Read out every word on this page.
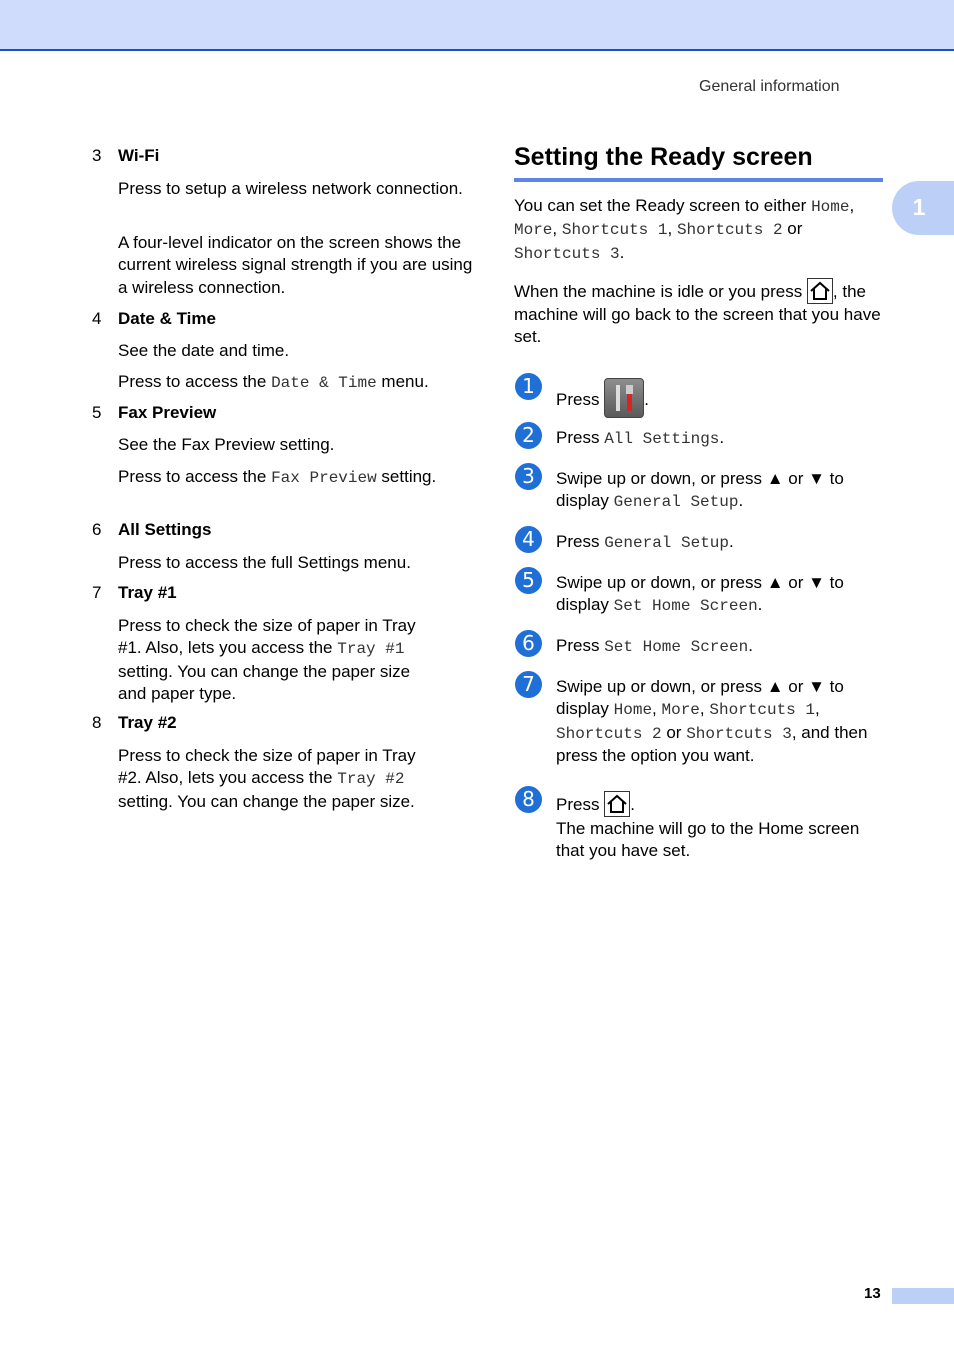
General information
1
3 Wi-Fi

Press to setup a wireless network connection.

A four-level indicator on the screen shows the current wireless signal strength if you are using a wireless connection.

4 Date & Time

See the date and time.

Press to access the Date & Time menu.

5 Fax Preview

See the Fax Preview setting.

Press to access the Fax Preview setting.

6 All Settings

Press to access the full Settings menu.

7 Tray #1

Press to check the size of paper in Tray #1. Also, lets you access the Tray #1 setting. You can change the paper size and paper type.

8 Tray #2

Press to check the size of paper in Tray #2. Also, lets you access the Tray #2 setting. You can change the paper size.

Setting the Ready screen

You can set the Ready screen to either Home, More, Shortcuts 1, Shortcuts 2 or Shortcuts 3.

When the machine is idle or you press , the machine will go back to the screen that you have set.

1

Press .

2	Press All Settings.

3	Swipe up or down, or press ▲ or ▼ to display General Setup.

4	Press General Setup.

5	Swipe up or down, or press ▲ or ▼ to display Set Home Screen.

6	Press Set Home Screen.

7	Swipe up or down, or press ▲ or ▼ to display Home, More, Shortcuts 1, Shortcuts 2 or Shortcuts 3, and then press the option you want.

8	Press .

The machine will go to the Home screen that you have set.

13
